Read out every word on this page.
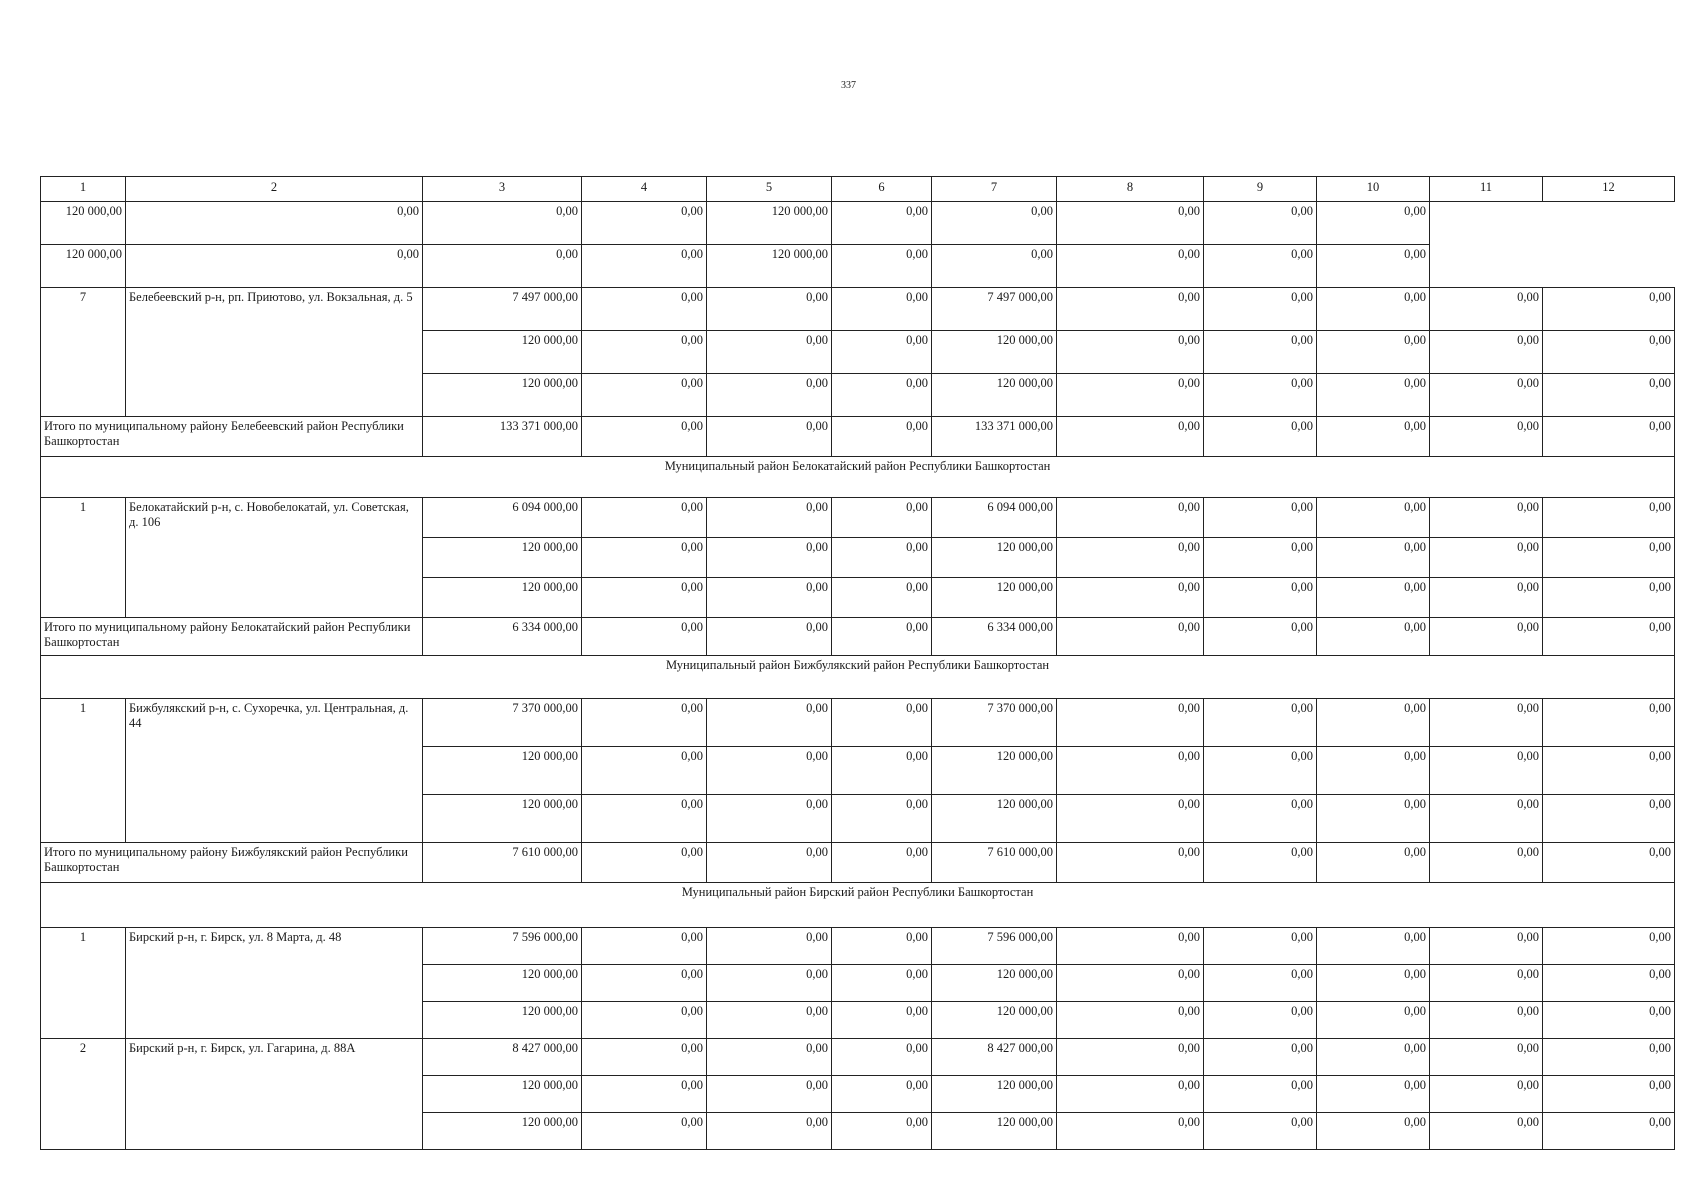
337
1	2	3	4	5	6	7	8	9	10	11	12
120 000,00	0,00	0,00	0,00	120 000,00	0,00	0,00	0,00	0,00	0,00		
120 000,00	0,00	0,00	0,00	120 000,00	0,00	0,00	0,00	0,00	0,00		
7	Белебеевский р-н, рп. Приютово, ул. Вокзальная, д. 5	7 497 000,00	0,00	0,00	0,00	7 497 000,00	0,00	0,00	0,00	0,00	0,00
		120 000,00	0,00	0,00	0,00	120 000,00	0,00	0,00	0,00	0,00	0,00
		120 000,00	0,00	0,00	0,00	120 000,00	0,00	0,00	0,00	0,00	0,00
Итого по муниципальному району Белебеевский район Республики Башкортостан		133 371 000,00	0,00	0,00	0,00	133 371 000,00	0,00	0,00	0,00	0,00	0,00
Муниципальный район Белокатайский район Республики Башкортостан											
1	Белокатайский р-н, с. Новобелокатай, ул. Советская, д. 106	6 094 000,00	0,00	0,00	0,00	6 094 000,00	0,00	0,00	0,00	0,00	0,00
		120 000,00	0,00	0,00	0,00	120 000,00	0,00	0,00	0,00	0,00	0,00
		120 000,00	0,00	0,00	0,00	120 000,00	0,00	0,00	0,00	0,00	0,00
Итого по муниципальному району Белокатайский район Республики Башкортостан		6 334 000,00	0,00	0,00	0,00	6 334 000,00	0,00	0,00	0,00	0,00	0,00
Муниципальный район Бижбулякский район Республики Башкортостан											
1	Бижбулякский р-н, с. Сухоречка, ул. Центральная, д. 44	7 370 000,00	0,00	0,00	0,00	7 370 000,00	0,00	0,00	0,00	0,00	0,00
		120 000,00	0,00	0,00	0,00	120 000,00	0,00	0,00	0,00	0,00	0,00
		120 000,00	0,00	0,00	0,00	120 000,00	0,00	0,00	0,00	0,00	0,00
Итого по муниципальному району Бижбулякский район Республики Башкортостан		7 610 000,00	0,00	0,00	0,00	7 610 000,00	0,00	0,00	0,00	0,00	0,00
Муниципальный район Бирский район Республики Башкортостан											
1	Бирский р-н, г. Бирск, ул. 8 Марта, д. 48	7 596 000,00	0,00	0,00	0,00	7 596 000,00	0,00	0,00	0,00	0,00	0,00
		120 000,00	0,00	0,00	0,00	120 000,00	0,00	0,00	0,00	0,00	0,00
		120 000,00	0,00	0,00	0,00	120 000,00	0,00	0,00	0,00	0,00	0,00
2	Бирский р-н, г. Бирск, ул. Гагарина, д. 88А	8 427 000,00	0,00	0,00	0,00	8 427 000,00	0,00	0,00	0,00	0,00	0,00
		120 000,00	0,00	0,00	0,00	120 000,00	0,00	0,00	0,00	0,00	0,00
		120 000,00	0,00	0,00	0,00	120 000,00	0,00	0,00	0,00	0,00	0,00
